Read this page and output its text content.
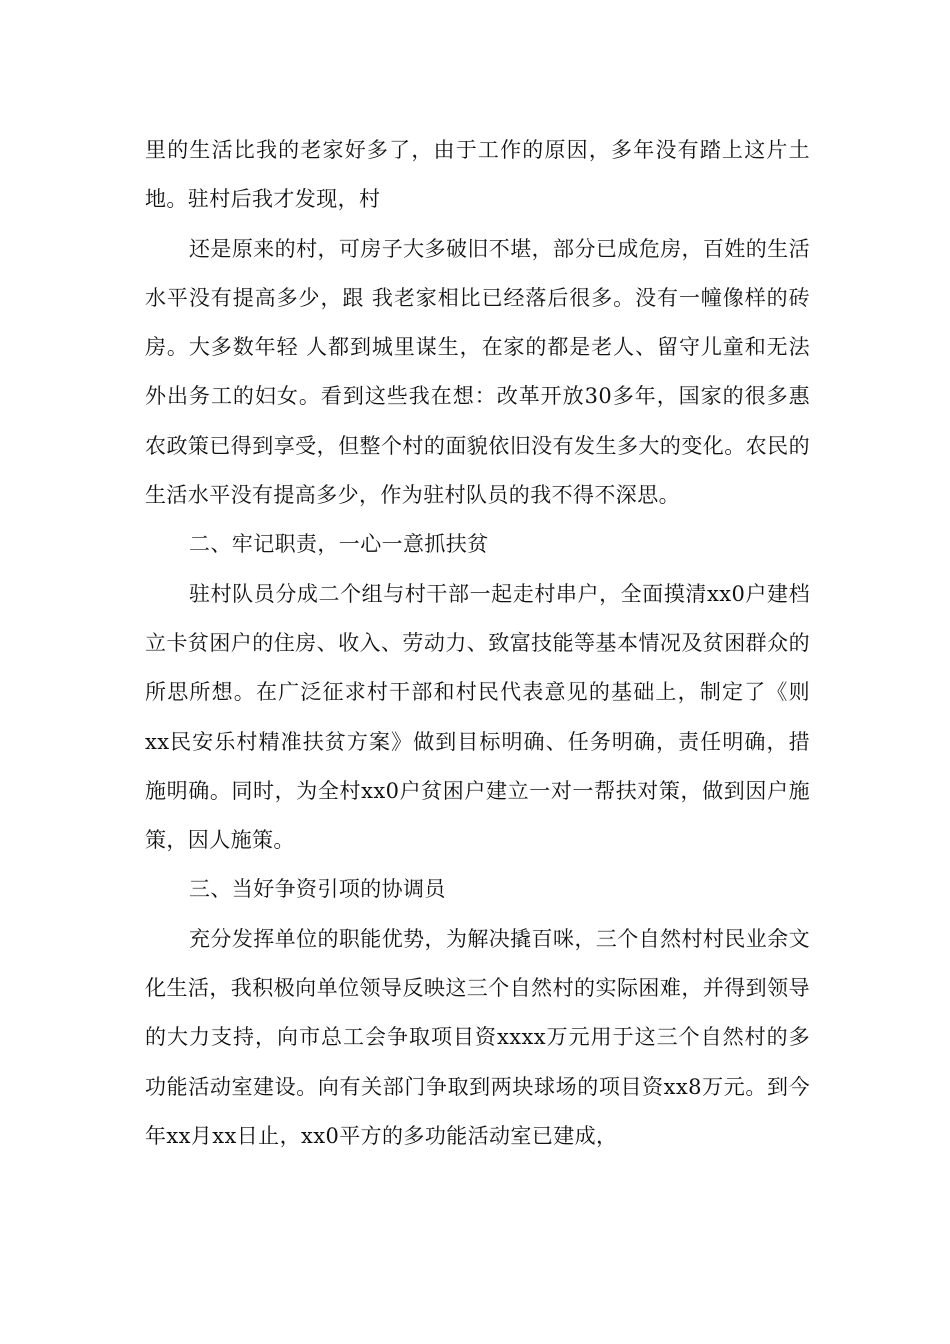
里的生活比我的老家好多了，由于工作的原因，多年没有踏上这片土地。驻村后我才发现，村

还是原来的村，可房子大多破旧不堪，部分已成危房，百姓的生活水平没有提高多少，跟 我老家相比已经落后很多。没有一幢像样的砖房。大多数年轻 人都到城里谋生，在家的都是老人、留守儿童和无法外出务工的妇女。看到这些我在想：改革开放30多年，国家的很多惠农政策已得到享受，但整个村的面貌依旧没有发生多大的变化。农民的生活水平没有提高多少，作为驻村队员的我不得不深思。

二、牢记职责，一心一意抓扶贫

驻村队员分成二个组与村干部一起走村串户，全面摸清xx0户建档立卡贫困户的住房、收入、劳动力、致富技能等基本情况及贫困群众的所思所想。在广泛征求村干部和村民代表意见的基础上，制定了《则xx民安乐村精准扶贫方案》做到目标明确、任务明确，责任明确，措施明确。同时，为全村xx0户贫困户建立一对一帮扶对策，做到因户施策，因人施策。

三、当好争资引项的协调员

充分发挥单位的职能优势，为解决撬百咪，三个自然村村民业余文化生活，我积极向单位领导反映这三个自然村的实际困难，并得到领导的大力支持，向市总工会争取项目资xxxx万元用于这三个自然村的多功能活动室建设。向有关部门争取到两块球场的项目资xx8万元。到今年xx月xx日止，xx0平方的多功能活动室已建成，
